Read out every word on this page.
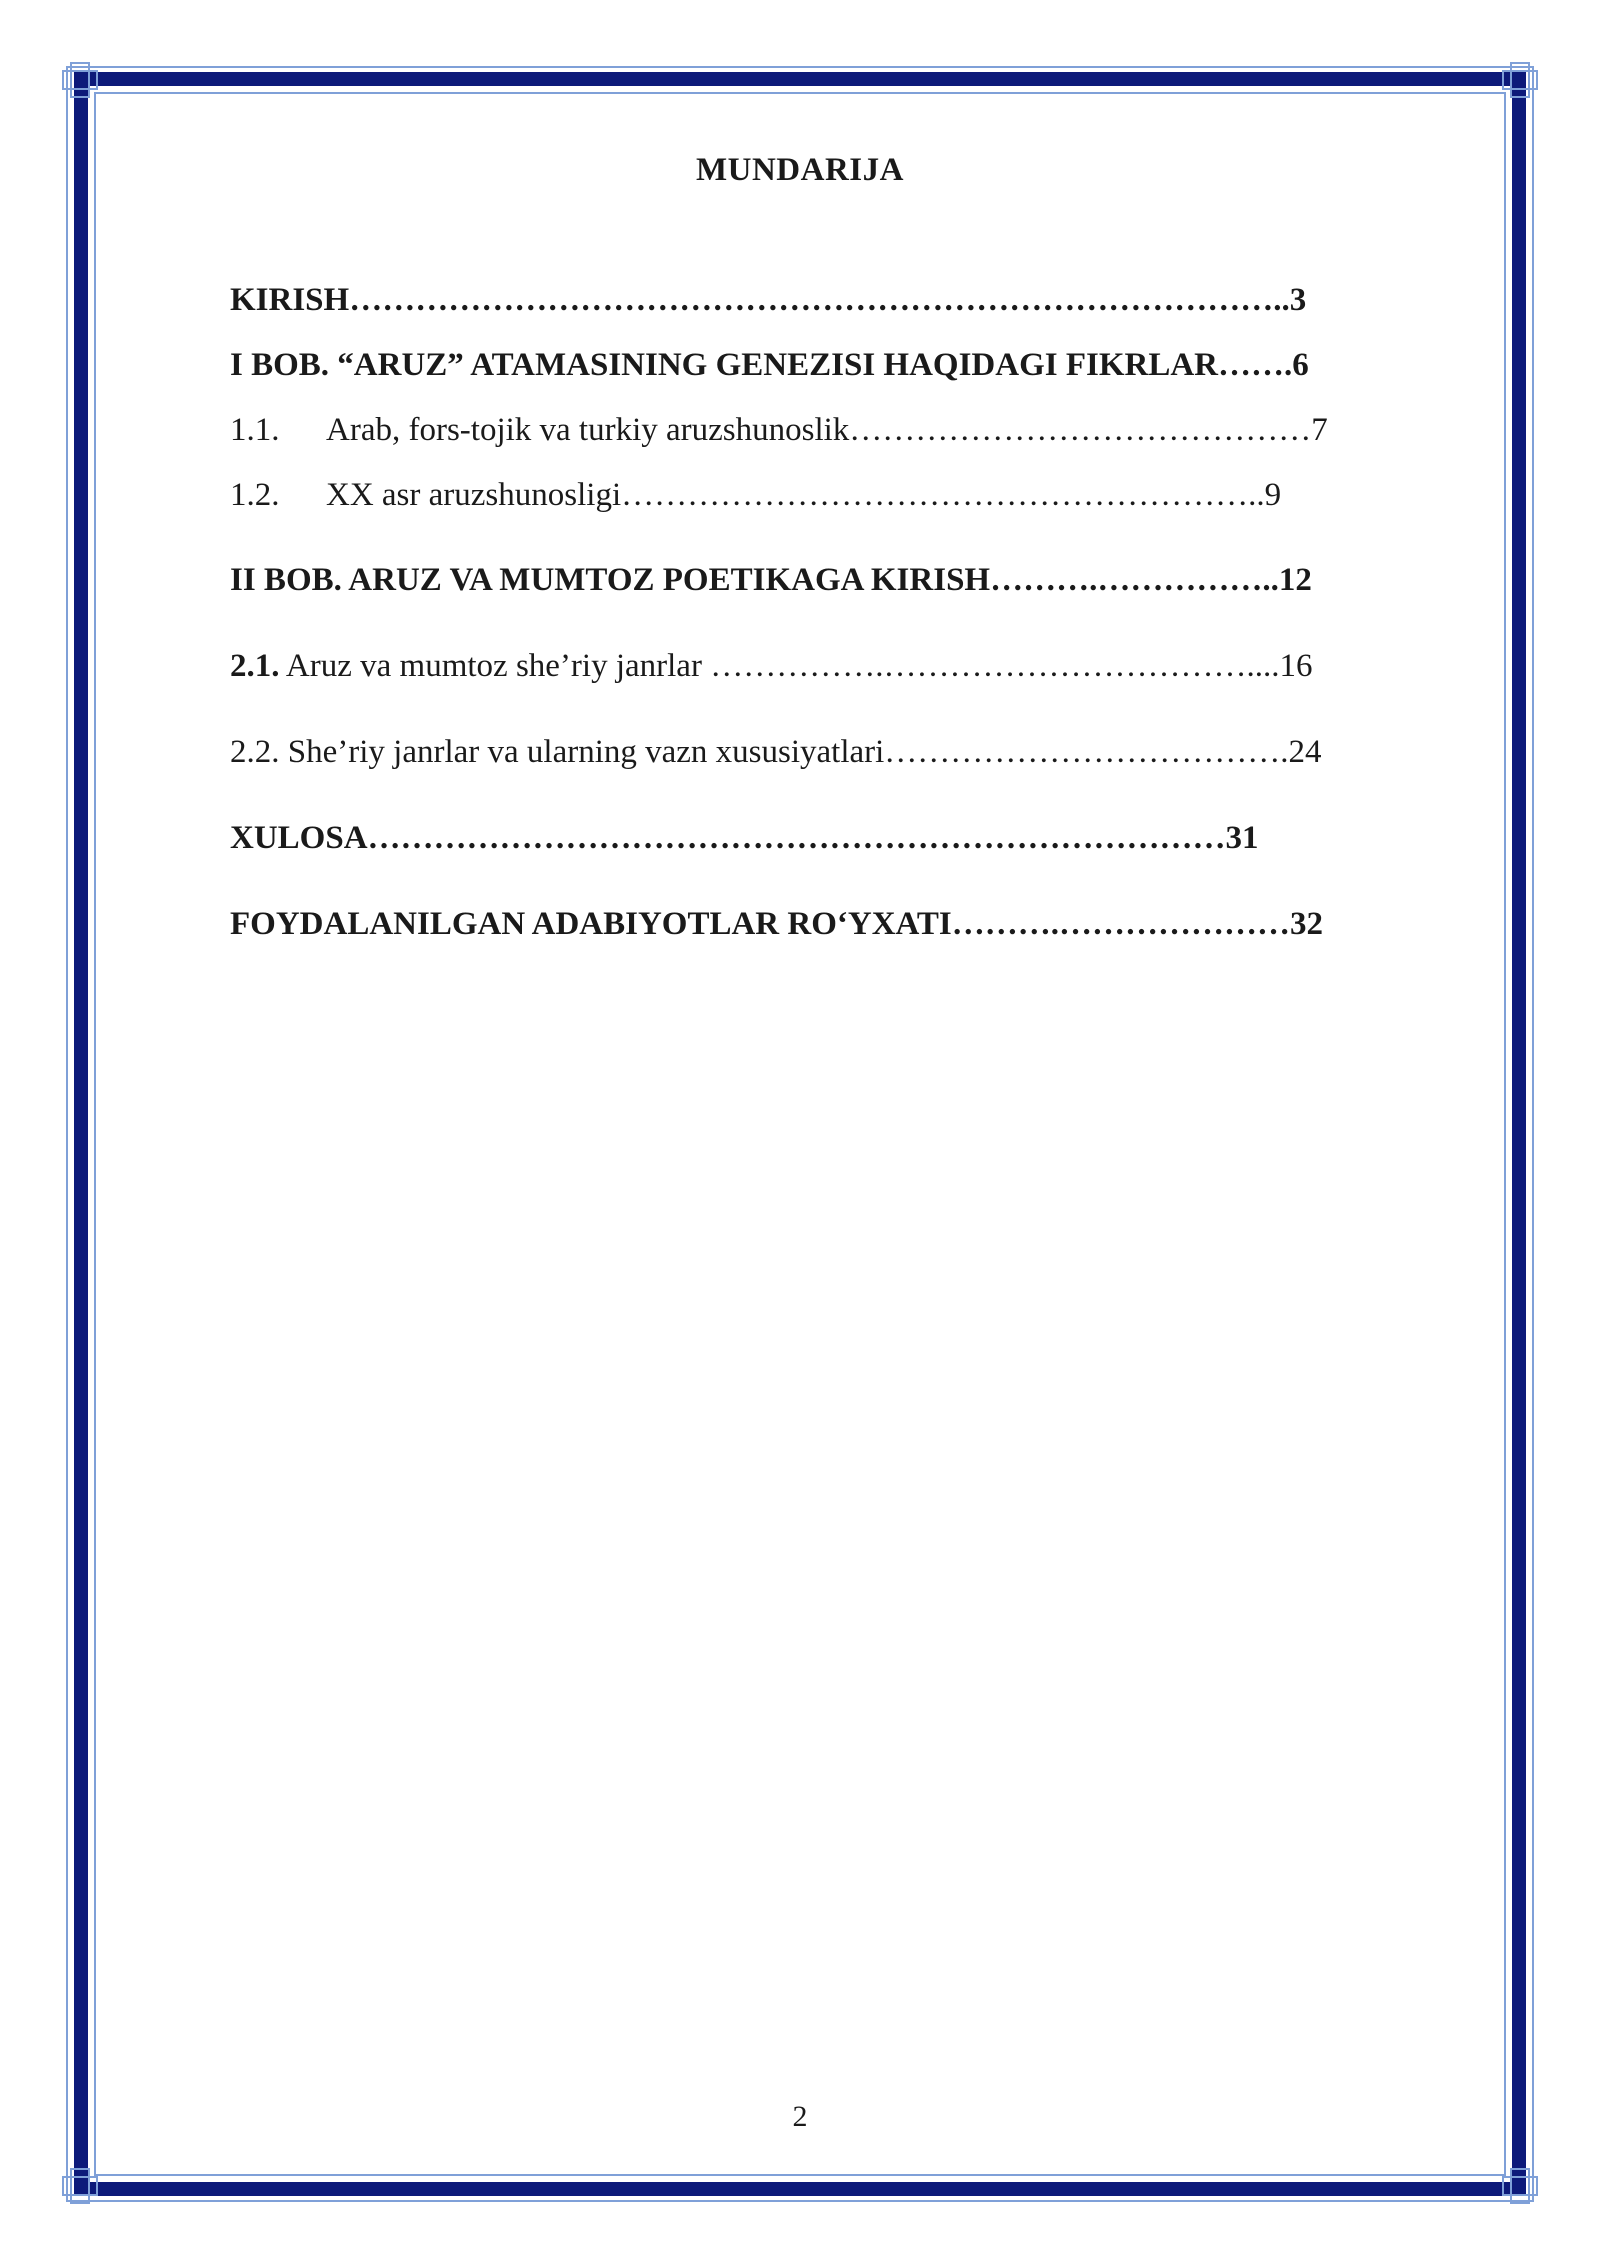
MUNDARIJA
KIRISH…………………………………………………………………………..3
I BOB. “ARUZ” ATAMASINING GENEZISI HAQIDAGI FIKRLAR…….6
1.1. Arab, fors-tojik va turkiy aruzshunoslik……………………………………7
1.2. XX asr aruzshunosligi…………………………………………………..9
II BOB. ARUZ VA MUMTOZ POETIKAGA KIRISH……….……………..12
2.1. Aruz va mumtoz she’riy janrlar …………….……………………………....16
2.2. She’riy janrlar va ularning vazn xususiyatlari……………………………….24
XULOSA……………………………………………………………………31
FOYDALANILGAN ADABIYOTLAR RO‘YXATI……….…………………32
2
